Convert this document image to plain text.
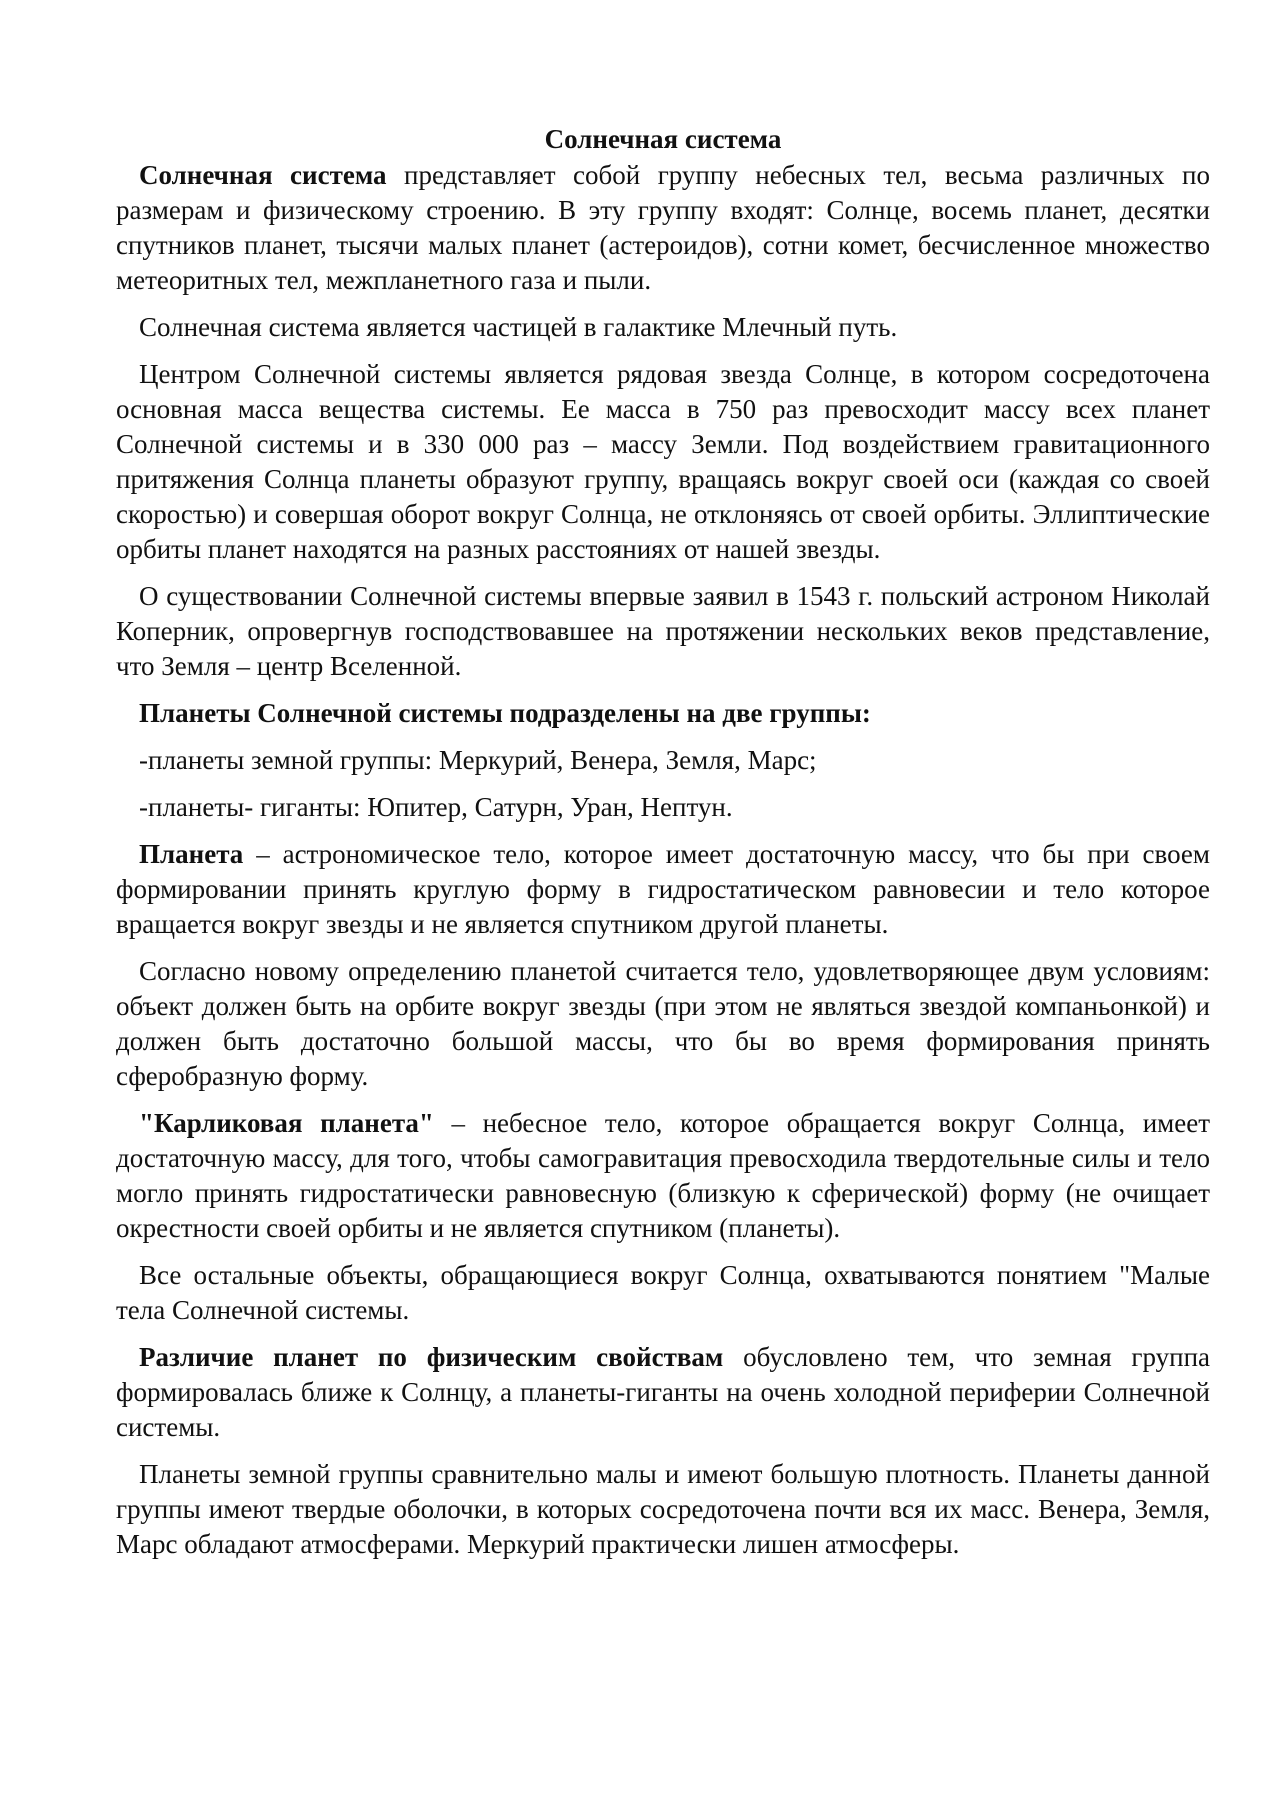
Солнечная система

Солнечная система представляет собой группу небесных тел, весьма различных по размерам и физическому строению. В эту группу входят: Солнце, восемь планет, десятки спутников планет, тысячи малых планет (астероидов), сотни комет, бесчисленное множество метеоритных тел, межпланетного газа и пыли.

Солнечная система является частицей в галактике Млечный путь.

Центром Солнечной системы является рядовая звезда Солнце, в котором сосредоточена основная масса вещества системы. Ее масса в 750 раз превосходит массу всех планет Солнечной системы и в 330 000 раз – массу Земли. Под воздействием гравитационного притяжения Солнца планеты образуют группу, вращаясь вокруг своей оси (каждая со своей скоростью) и совершая оборот вокруг Солнца, не отклоняясь от своей орбиты. Эллиптические орбиты планет находятся на разных расстояниях от нашей звезды.

О существовании Солнечной системы впервые заявил в 1543 г. польский астроном Николай Коперник, опровергнув господствовавшее на протяжении нескольких веков представление, что Земля – центр Вселенной.

Планеты Солнечной системы подразделены на две группы:

-планеты земной группы: Меркурий, Венера, Земля, Марс;

-планеты- гиганты: Юпитер, Сатурн, Уран, Нептун.

Планета – астрономическое тело, которое имеет достаточную массу, что бы при своем формировании принять круглую форму в гидростатическом равновесии и тело которое вращается вокруг звезды и не является спутником другой планеты.

Согласно новому определению планетой считается тело, удовлетворяющее двум условиям: объект должен быть на орбите вокруг звезды (при этом не являться звездой компаньонкой) и должен быть достаточно большой массы, что бы во время формирования принять сферобразную форму.

"Карликовая планета" – небесное тело, которое обращается вокруг Солнца, имеет достаточную массу, для того, чтобы самогравитация превосходила твердотельные силы и тело могло принять гидростатически равновесную (близкую к сферической) форму (не очищает окрестности своей орбиты и не является спутником (планеты).

Все остальные объекты, обращающиеся вокруг Солнца, охватываются понятием "Малые тела Солнечной системы.

Различие планет по физическим свойствам обусловлено тем, что земная группа формировалась ближе к Солнцу, а планеты-гиганты на очень холодной периферии Солнечной системы.

Планеты земной группы сравнительно малы и имеют большую плотность. Планеты данной группы имеют твердые оболочки, в которых сосредоточена почти вся их масс. Венера, Земля, Марс обладают атмосферами. Меркурий практически лишен атмосферы.
